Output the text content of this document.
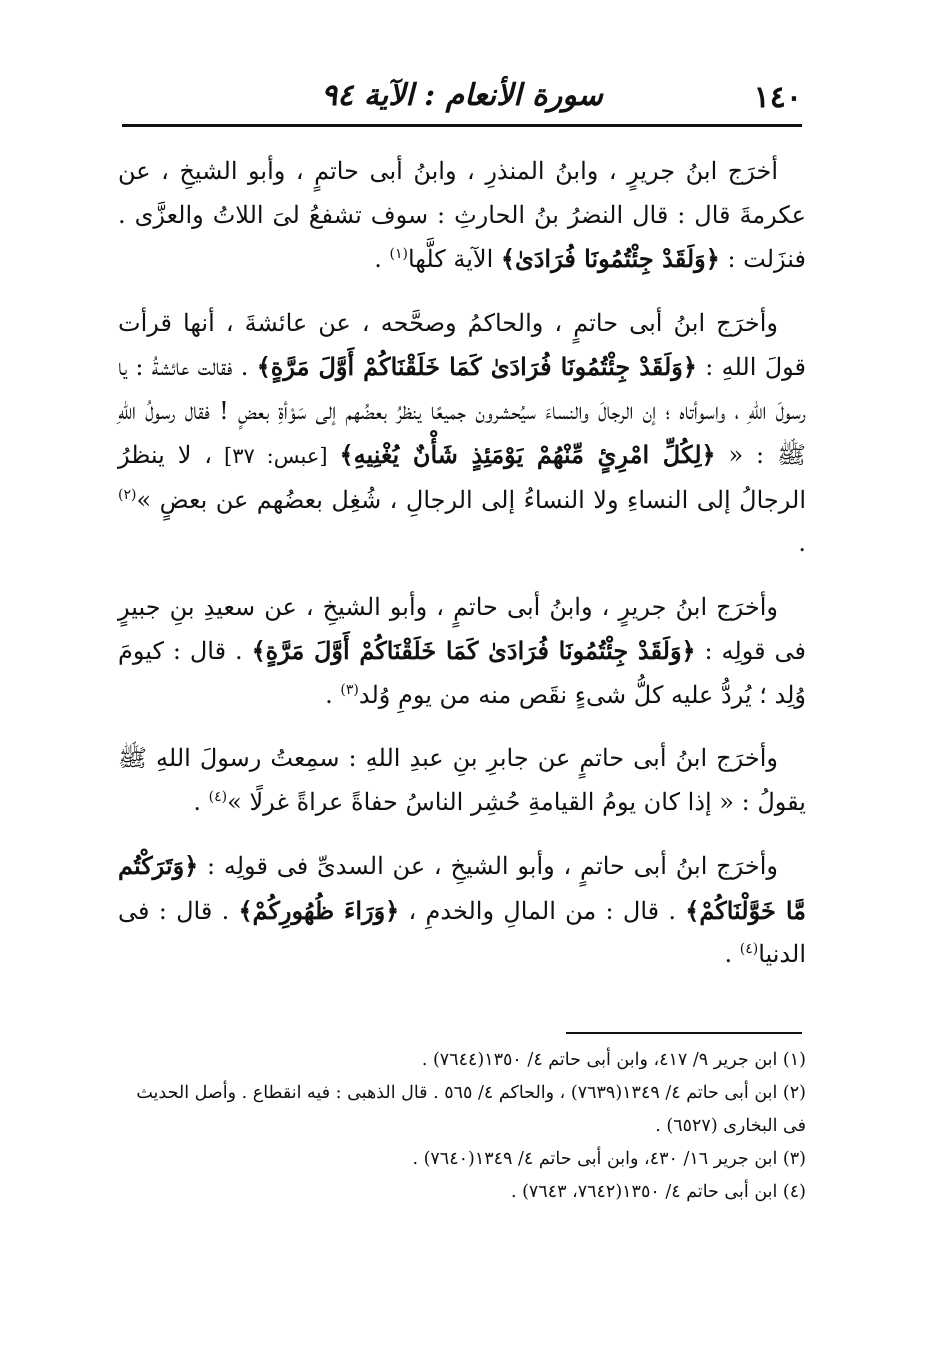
١٤٠
سورة الأنعام : الآية ٩٤

أخرَج ابنُ جريرٍ ، وابنُ المنذرِ ، وابنُ أبى حاتمٍ ، وأبو الشيخِ ، عن عكرمةَ قال : قال النضرُ بنُ الحارثِ : سوف تشفعُ لىَ اللاتُ والعزَّى . فنزَلت : ﴿وَلَقَدْ جِئْتُمُونَا فُرَادَىٰ﴾ الآية كلَّها$^{(١)}$ .

وأخرَج ابنُ أبى حاتمٍ ، والحاكمُ وصحَّحه ، عن عائشةَ ، أنها قرأت قولَ اللهِ : ﴿وَلَقَدْ جِئْتُمُونَا فُرَادَىٰ كَمَا خَلَقْنَاكُمْ أَوَّلَ مَرَّةٍ﴾ . فقالت عائشةُ : يا رسولَ اللهِ ، واسوأتاه ؛ إن الرجالَ والنساءَ سيُحشرون جميعًا ينظرُ بعضُهم إلى سَوْأةِ بعضٍ ! فقال رسولُ اللهِ ﷺ : « ﴿لِكُلِّ امْرِئٍ مِّنْهُمْ يَوْمَئِذٍ شَأْنٌ يُغْنِيهِ﴾ [عبس: ٣٧] ، لا ينظرُ الرجالُ إلى النساءِ ولا النساءُ إلى الرجالِ ، شُغِل بعضُهم عن بعضٍ »$^{(٢)}$ .

وأخرَج ابنُ جريرٍ ، وابنُ أبى حاتمٍ ، وأبو الشيخِ ، عن سعيدِ بنِ جبيرٍ فى قولِه : ﴿وَلَقَدْ جِئْتُمُونَا فُرَادَىٰ كَمَا خَلَقْنَاكُمْ أَوَّلَ مَرَّةٍ﴾ . قال : كيومَ وُلِد ؛ يُردُّ عليه كلُّ شىءٍ نقَص منه من يومِ وُلد$^{(٣)}$ .

وأخرَج ابنُ أبى حاتمٍ عن جابرِ بنِ عبدِ اللهِ : سمِعتُ رسولَ اللهِ ﷺ يقولُ : « إذا كان يومُ القيامةِ حُشِر الناسُ حفاةً عراةً غرلًا »$^{(٤)}$ .

وأخرَج ابنُ أبى حاتمٍ ، وأبو الشيخِ ، عن السدىِّ فى قولِه : ﴿وَتَرَكْتُم مَّا خَوَّلْنَاكُمْ﴾ . قال : من المالِ والخدمِ ، ﴿وَرَاءَ ظُهُورِكُمْ﴾ . قال : فى الدنيا$^{(٤)}$ .

(١) ابن جرير ٩/ ٤١٧، وابن أبى حاتم ٤/ ١٣٥٠(٧٦٤٤) .

(٢) ابن أبى حاتم ٤/ ١٣٤٩(٧٦٣٩) ، والحاكم ٤/ ٥٦٥ . قال الذهبى : فيه انقطاع . وأصل الحديث فى البخارى (٦٥٢٧) .

(٣) ابن جرير ١٦/ ٤٣٠، وابن أبى حاتم ٤/ ١٣٤٩(٧٦٤٠) .

(٤) ابن أبى حاتم ٤/ ١٣٥٠(٧٦٤٢، ٧٦٤٣) .
